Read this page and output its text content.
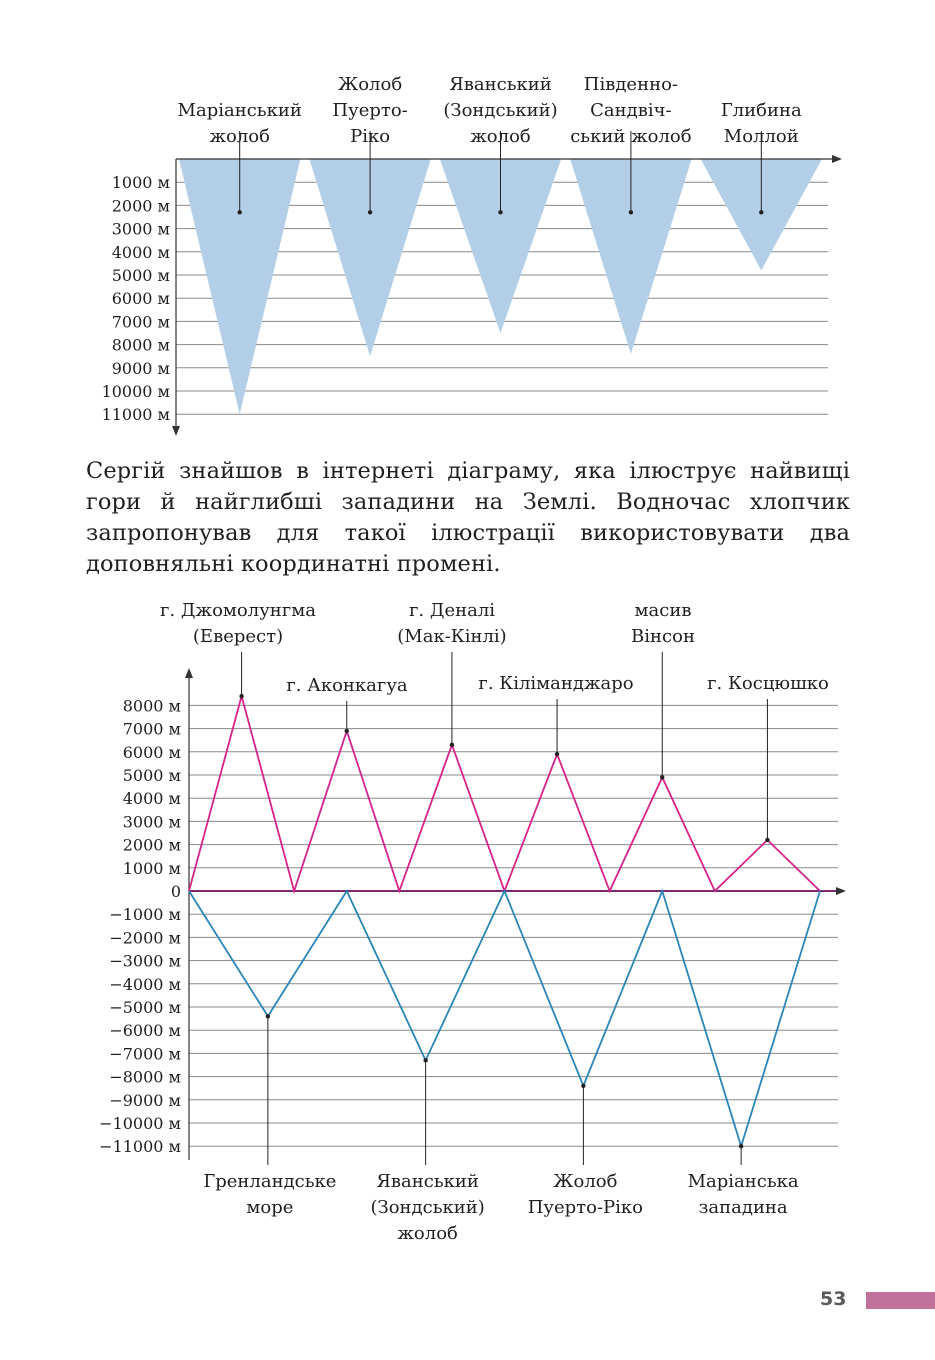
1000 м
2000 м
3000 м
4000 м
5000 м
6000 м
7000 м
8000 м
9000 м
10000 м
11000 м
Маріанський
жолоб
Жолоб
Пуерто-
Ріко
Яванський
(Зондський)
жолоб
Південно-
Сандвіч-
ський жолоб
Глибина
Моллой

Сергій знайшов в інтернеті діаграму, яка ілюструє найвищі гори й найглибші западини на Землі. Водночас хлопчик запропонував для такої ілюстрації використовувати два доповняльні координатні промені.

8000 м
7000 м
6000 м
5000 м
4000 м
3000 м
2000 м
1000 м
0
−1000 м
−2000 м
−3000 м
−4000 м
−5000 м
−6000 м
−7000 м
−8000 м
−9000 м
−10000 м
−11000 м
г. Джомолунгма
(Еверест)
г. Аконкагуа
г. Деналі
(Мак-Кінлі)
г. Кіліманджаро
масив
Вінсон
г. Косцюшко
Гренландське
море
Яванський
(Зондський)
жолоб
Жолоб
Пуерто-Ріко
Маріанська
западина
53
